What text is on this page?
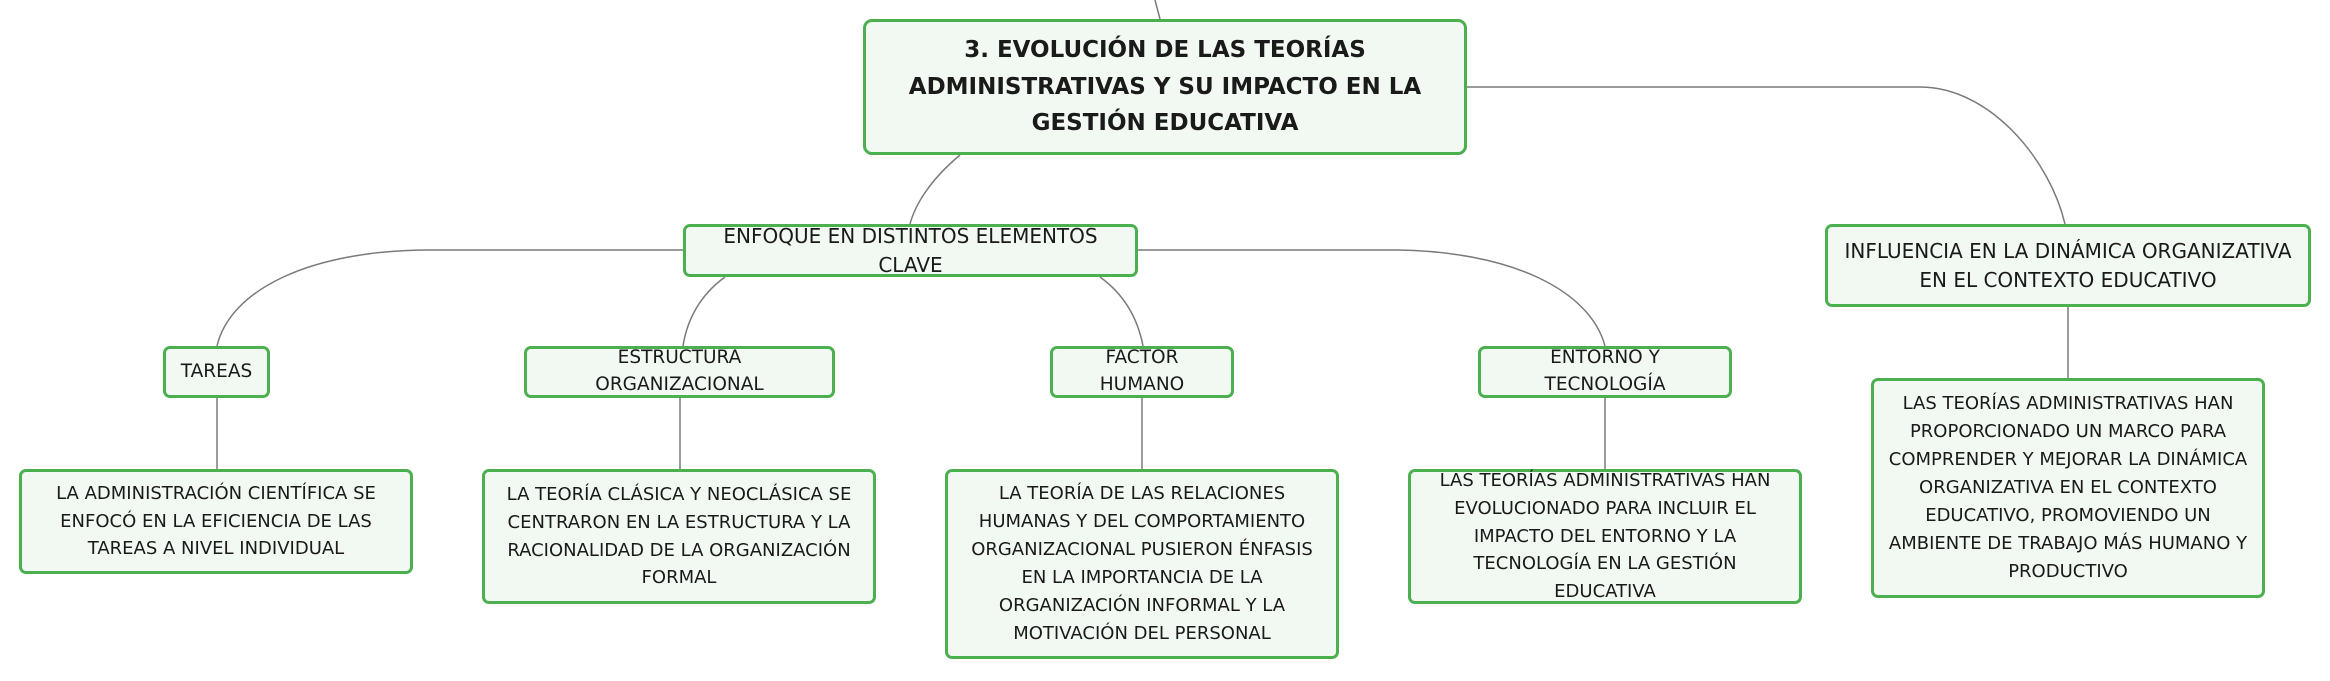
3. EVOLUCIÓN DE LAS TEORÍAS ADMINISTRATIVAS Y SU IMPACTO EN LA GESTIÓN EDUCATIVA
ENFOQUE EN DISTINTOS ELEMENTOS CLAVE
INFLUENCIA EN LA DINÁMICA ORGANIZATIVA EN EL CONTEXTO EDUCATIVO
TAREAS
ESTRUCTURA ORGANIZACIONAL
FACTOR HUMANO
ENTORNO Y TECNOLOGÍA
LA ADMINISTRACIÓN CIENTÍFICA SE ENFOCÓ EN LA EFICIENCIA DE LAS TAREAS A NIVEL INDIVIDUAL
LA TEORÍA CLÁSICA Y NEOCLÁSICA SE CENTRARON EN LA ESTRUCTURA Y LA RACIONALIDAD DE LA ORGANIZACIÓN FORMAL
LA TEORÍA DE LAS RELACIONES HUMANAS Y DEL COMPORTAMIENTO ORGANIZACIONAL PUSIERON ÉNFASIS EN LA IMPORTANCIA DE LA ORGANIZACIÓN INFORMAL Y LA MOTIVACIÓN DEL PERSONAL
LAS TEORÍAS ADMINISTRATIVAS HAN EVOLUCIONADO PARA INCLUIR EL IMPACTO DEL ENTORNO Y LA TECNOLOGÍA EN LA GESTIÓN EDUCATIVA
LAS TEORÍAS ADMINISTRATIVAS HAN PROPORCIONADO UN MARCO PARA COMPRENDER Y MEJORAR LA DINÁMICA ORGANIZATIVA EN EL CONTEXTO EDUCATIVO, PROMOVIENDO UN AMBIENTE DE TRABAJO MÁS HUMANO Y PRODUCTIVO
